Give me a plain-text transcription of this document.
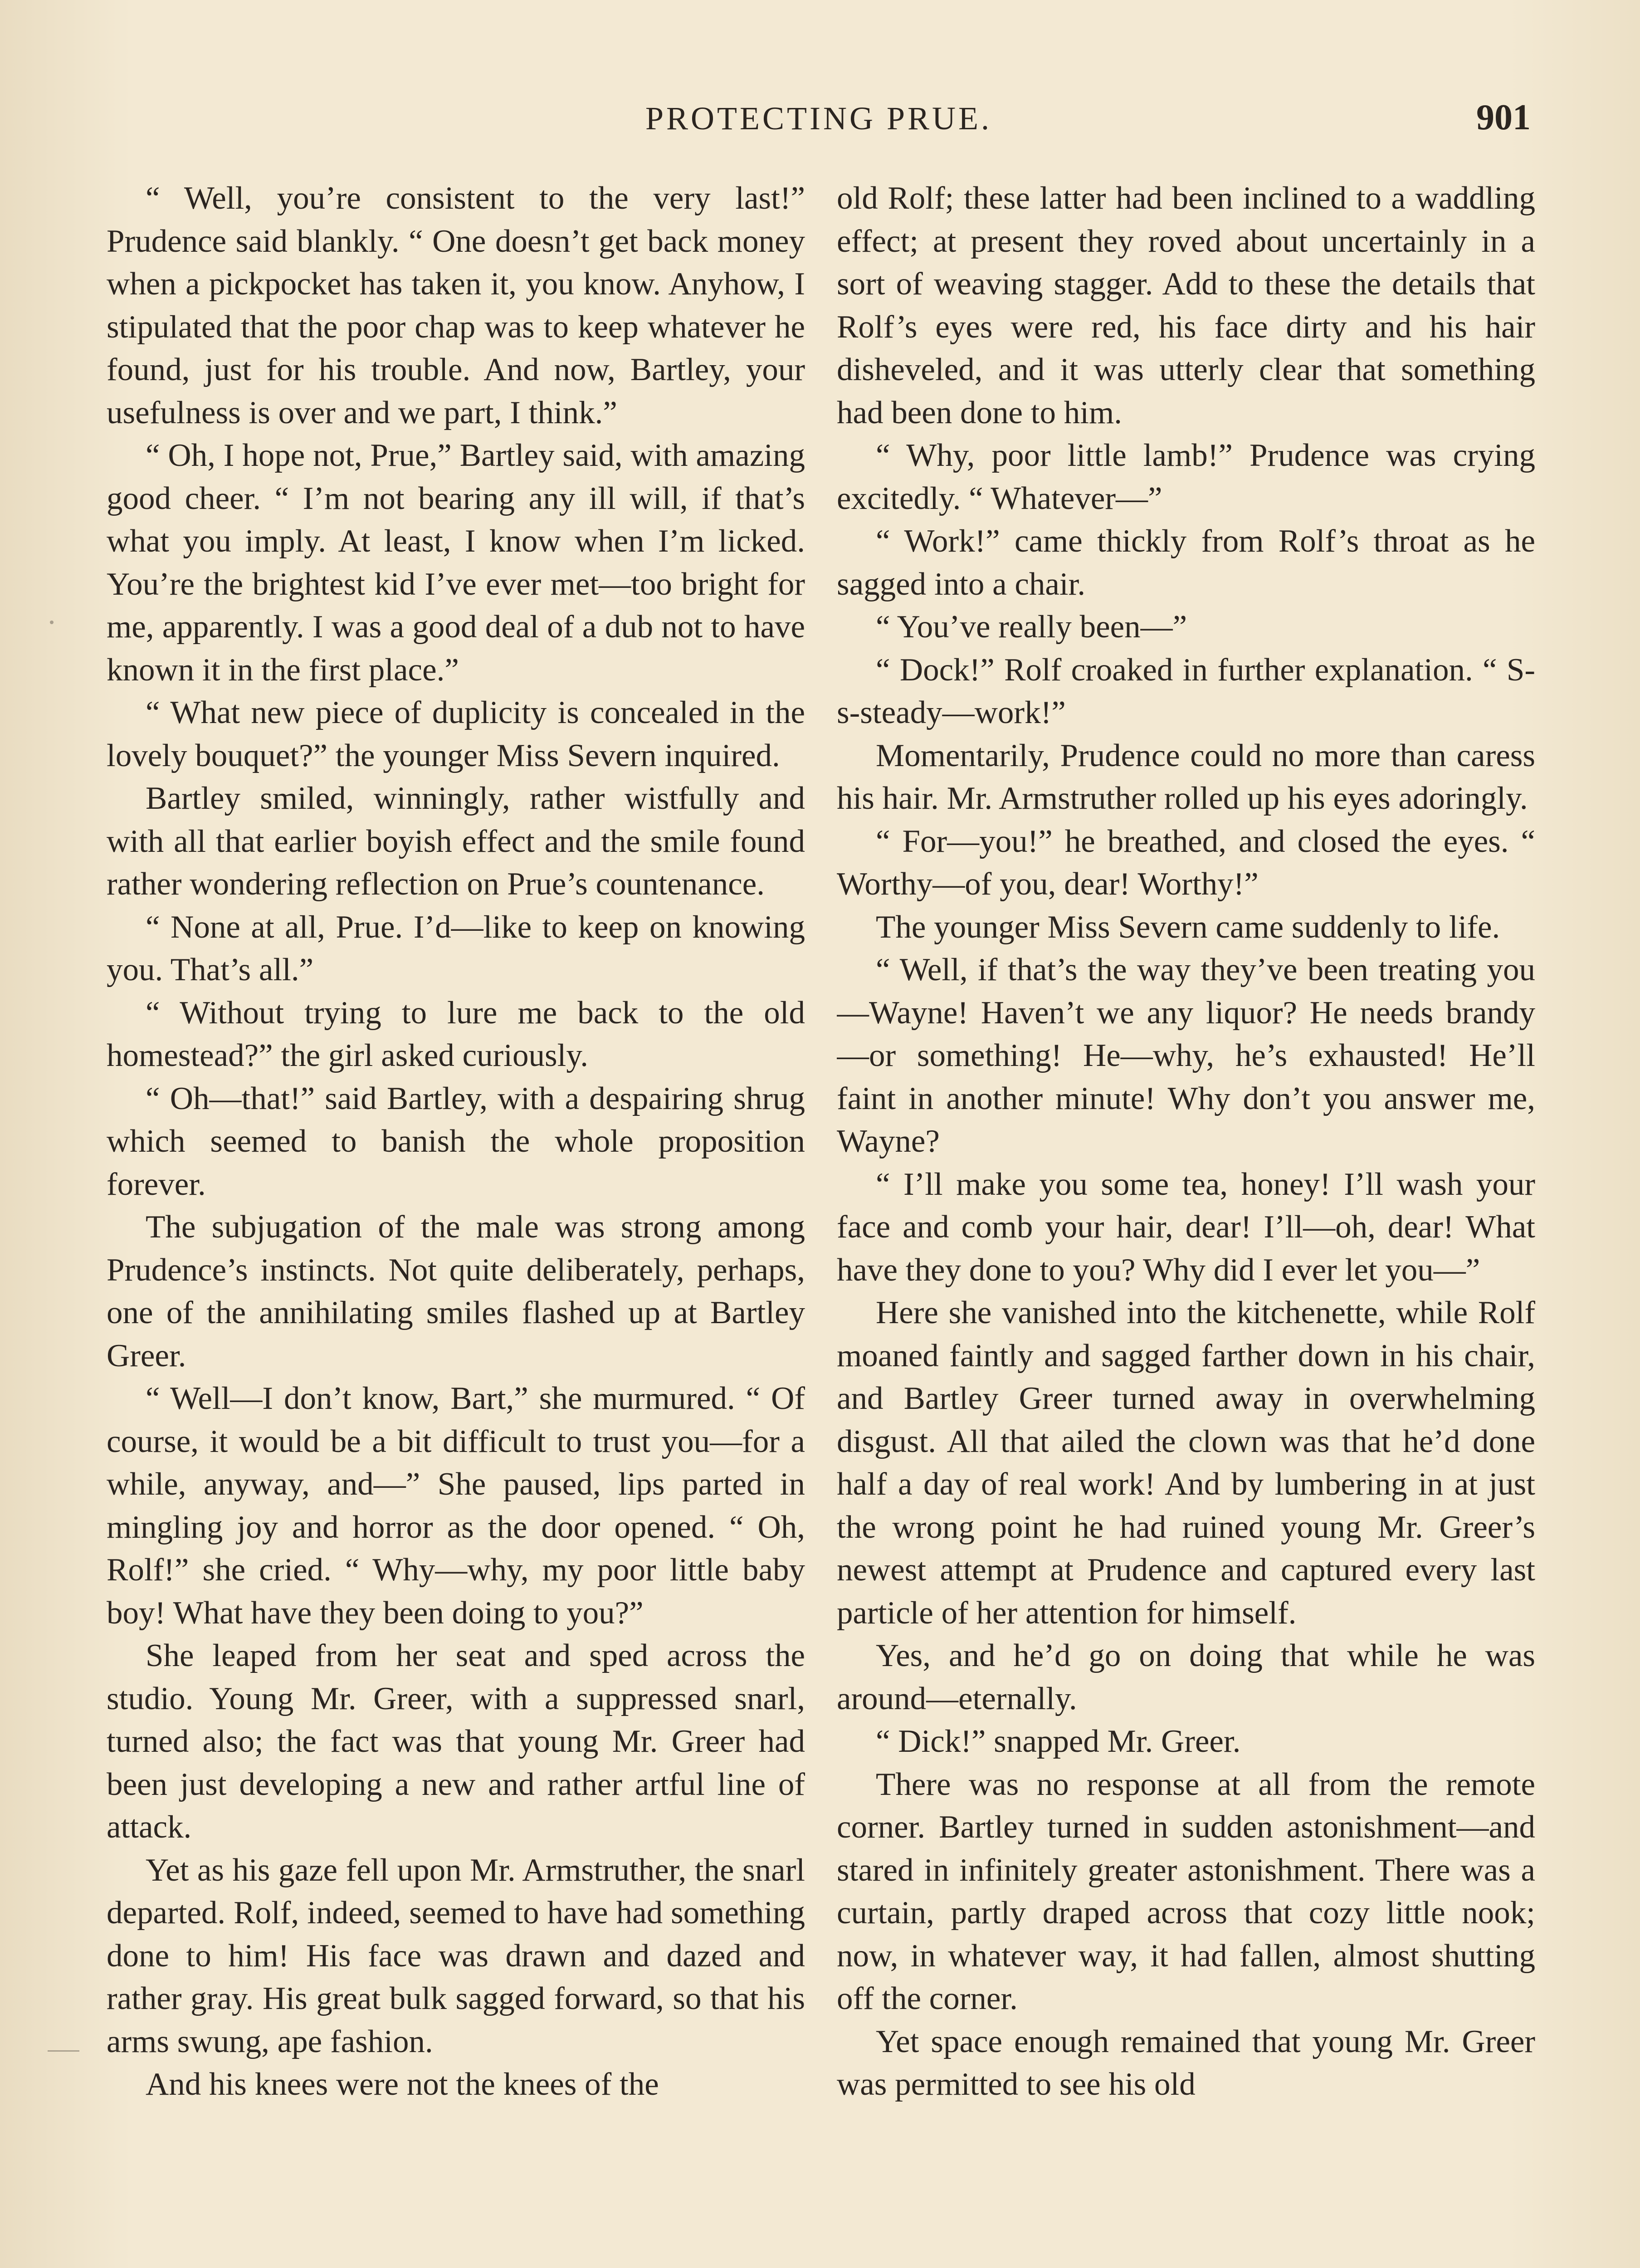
PROTECTING PRUE.	901

“ Well, you’re consistent to the very last!” Prudence said blankly. “ One doesn’t get back money when a pickpocket has taken it, you know. Anyhow, I stipulated that the poor chap was to keep whatever he found, just for his trouble. And now, Bartley, your usefulness is over and we part, I think.”

“ Oh, I hope not, Prue,” Bartley said, with amazing good cheer. “ I’m not bearing any ill will, if that’s what you imply. At least, I know when I’m licked. You’re the brightest kid I’ve ever met—too bright for me, apparently. I was a good deal of a dub not to have known it in the first place.”

“ What new piece of duplicity is concealed in the lovely bouquet?” the younger Miss Severn inquired.

Bartley smiled, winningly, rather wistfully and with all that earlier boyish effect and the smile found rather wondering reflection on Prue’s countenance.

“ None at all, Prue. I’d—like to keep on knowing you. That’s all.”

“ Without trying to lure me back to the old homestead?” the girl asked curiously.

“ Oh—that!” said Bartley, with a despairing shrug which seemed to banish the whole proposition forever.

The subjugation of the male was strong among Prudence’s instincts. Not quite deliberately, perhaps, one of the annihilating smiles flashed up at Bartley Greer.

“ Well—I don’t know, Bart,” she murmured. “ Of course, it would be a bit difficult to trust you—for a while, anyway, and—” She paused, lips parted in mingling joy and horror as the door opened. “ Oh, Rolf!” she cried. “ Why—why, my poor little baby boy! What have they been doing to you?”

She leaped from her seat and sped across the studio. Young Mr. Greer, with a suppressed snarl, turned also; the fact was that young Mr. Greer had been just developing a new and rather artful line of attack.

Yet as his gaze fell upon Mr. Armstruther, the snarl departed. Rolf, indeed, seemed to have had something done to him! His face was drawn and dazed and rather gray. His great bulk sagged forward, so that his arms swung, ape fashion.

And his knees were not the knees of the

old Rolf; these latter had been inclined to a waddling effect; at present they roved about uncertainly in a sort of weaving stagger. Add to these the details that Rolf’s eyes were red, his face dirty and his hair disheveled, and it was utterly clear that something had been done to him.

“ Why, poor little lamb!” Prudence was crying excitedly. “ Whatever—”

“ Work!” came thickly from Rolf’s throat as he sagged into a chair.

“ You’ve really been—”

“ Dock!” Rolf croaked in further explanation. “ S-s-steady—work!”

Momentarily, Prudence could no more than caress his hair. Mr. Armstruther rolled up his eyes adoringly.

“ For—you!” he breathed, and closed the eyes. “ Worthy—of you, dear! Worthy!”

The younger Miss Severn came suddenly to life.

“ Well, if that’s the way they’ve been treating you—Wayne! Haven’t we any liquor? He needs brandy—or something! He—why, he’s exhausted! He’ll faint in another minute! Why don’t you answer me, Wayne?

“ I’ll make you some tea, honey! I’ll wash your face and comb your hair, dear! I’ll—oh, dear! What have they done to you? Why did I ever let you—”

Here she vanished into the kitchenette, while Rolf moaned faintly and sagged farther down in his chair, and Bartley Greer turned away in overwhelming disgust. All that ailed the clown was that he’d done half a day of real work! And by lumbering in at just the wrong point he had ruined young Mr. Greer’s newest attempt at Prudence and captured every last particle of her attention for himself.

Yes, and he’d go on doing that while he was around—eternally.

“ Dick!” snapped Mr. Greer.

There was no response at all from the remote corner. Bartley turned in sudden astonishment—and stared in infinitely greater astonishment. There was a curtain, partly draped across that cozy little nook; now, in whatever way, it had fallen, almost shutting off the corner.

Yet space enough remained that young Mr. Greer was permitted to see his old
